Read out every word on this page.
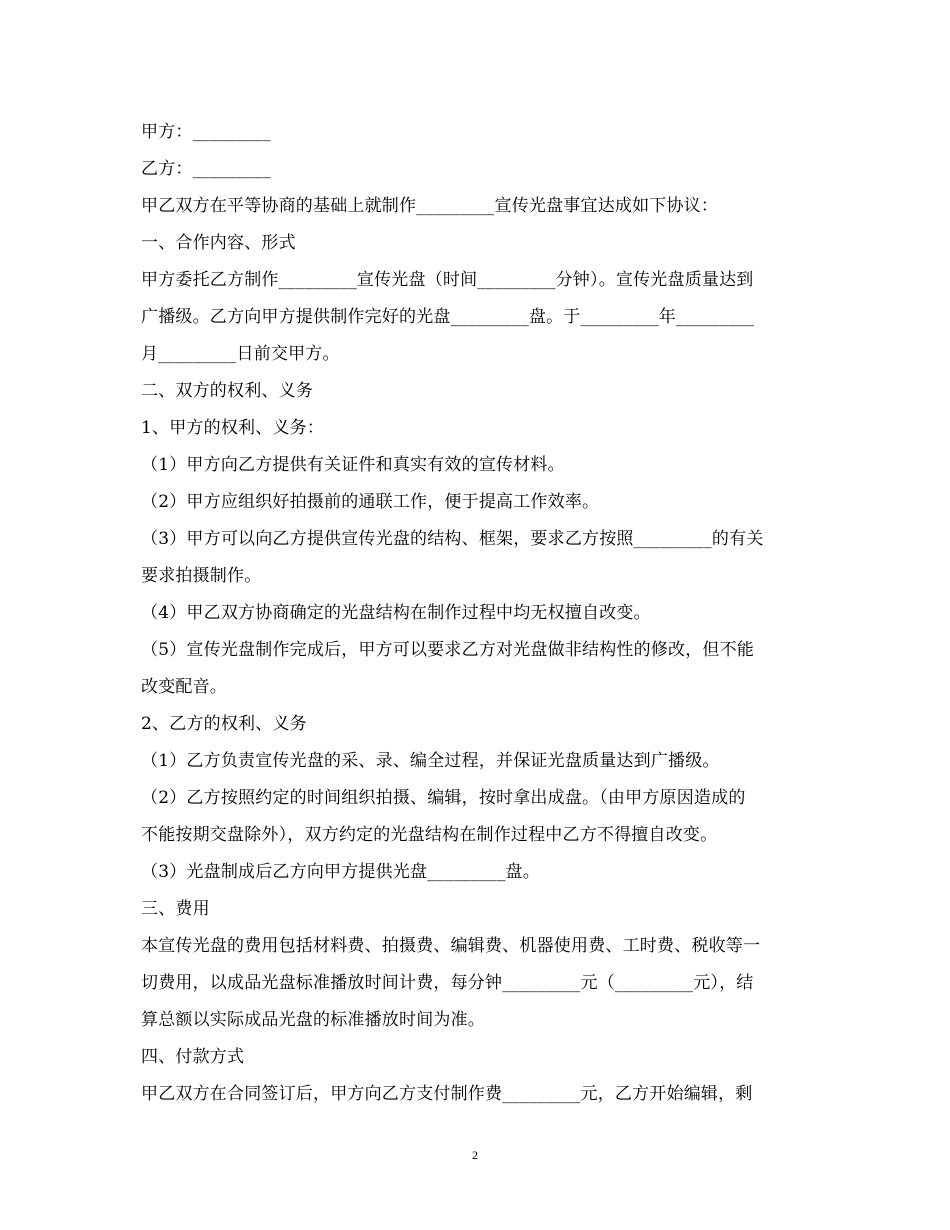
甲方：_________
乙方：_________
甲乙双方在平等协商的基础上就制作_________宣传光盘事宜达成如下协议：
一、合作内容、形式
甲方委托乙方制作_________宣传光盘（时间_________分钟）。宣传光盘质量达到
广播级。乙方向甲方提供制作完好的光盘_________盘。于_________年_________
月_________日前交甲方。
二、双方的权利、义务
1、甲方的权利、义务：
（1）甲方向乙方提供有关证件和真实有效的宣传材料。
（2）甲方应组织好拍摄前的通联工作，便于提高工作效率。
（3）甲方可以向乙方提供宣传光盘的结构、框架，要求乙方按照_________的有关
要求拍摄制作。
（4）甲乙双方协商确定的光盘结构在制作过程中均无权擅自改变。
（5）宣传光盘制作完成后，甲方可以要求乙方对光盘做非结构性的修改，但不能
改变配音。
2、乙方的权利、义务
（1）乙方负责宣传光盘的采、录、编全过程，并保证光盘质量达到广播级。
（2）乙方按照约定的时间组织拍摄、编辑，按时拿出成盘。（由甲方原因造成的
不能按期交盘除外），双方约定的光盘结构在制作过程中乙方不得擅自改变。
（3）光盘制成后乙方向甲方提供光盘_________盘。
三、费用
本宣传光盘的费用包括材料费、拍摄费、编辑费、机器使用费、工时费、税收等一
切费用，以成品光盘标准播放时间计费，每分钟_________元（_________元），结
算总额以实际成品光盘的标准播放时间为准。
四、付款方式
甲乙双方在合同签订后，甲方向乙方支付制作费_________元，乙方开始编辑，剩
2
